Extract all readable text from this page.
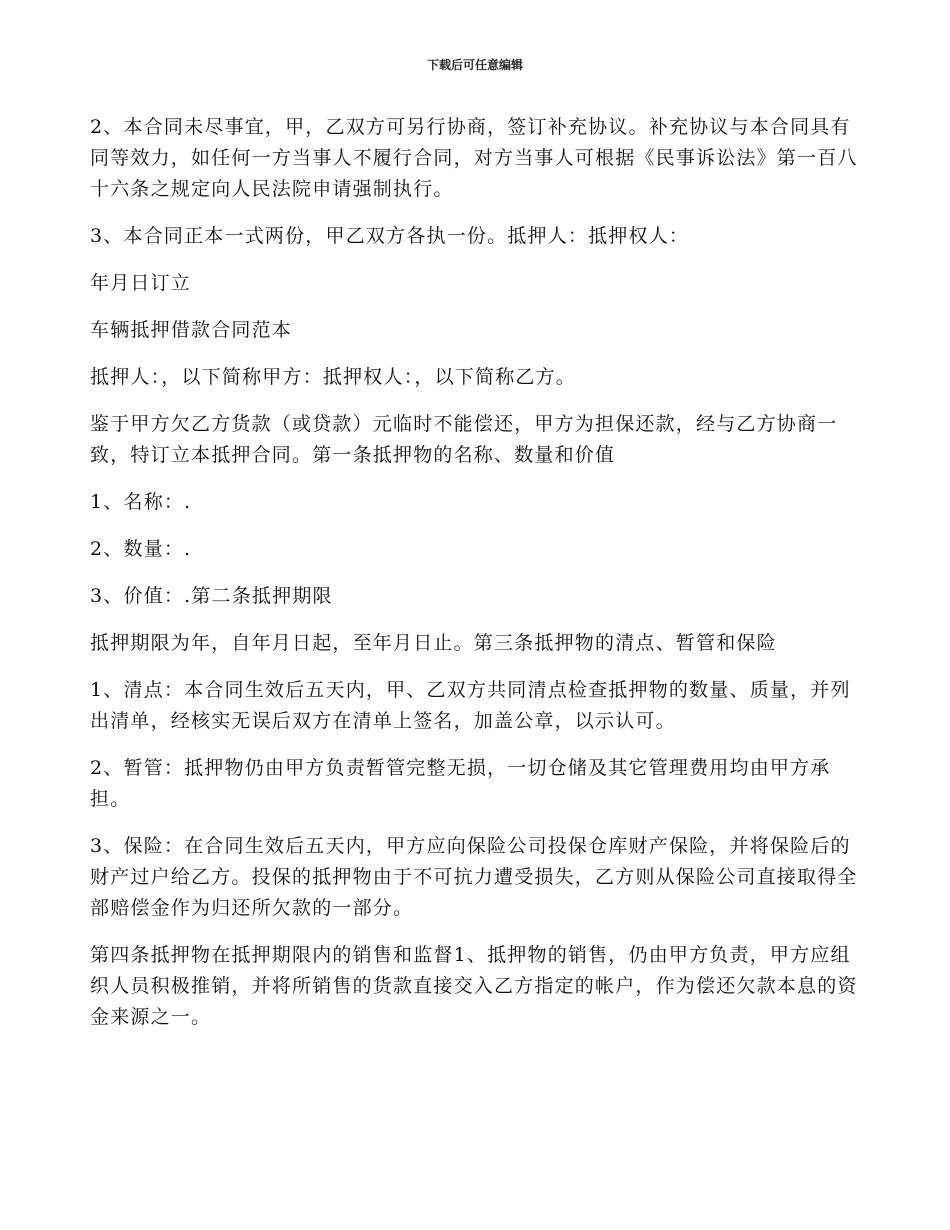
下载后可任意编辑

2、本合同未尽事宜，甲，乙双方可另行协商，签订补充协议。补充协议与本合同具有同等效力，如任何一方当事人不履行合同，对方当事人可根据《民事诉讼法》第一百八十六条之规定向人民法院申请强制执行。

3、本合同正本一式两份，甲乙双方各执一份。抵押人：抵押权人：

年月日订立

车辆抵押借款合同范本

抵押人：，以下简称甲方：抵押权人：，以下简称乙方。

鉴于甲方欠乙方货款（或贷款）元临时不能偿还，甲方为担保还款，经与乙方协商一致，特订立本抵押合同。第一条抵押物的名称、数量和价值

1、名称：.

2、数量：.

3、价值：.第二条抵押期限

抵押期限为年，自年月日起，至年月日止。第三条抵押物的清点、暂管和保险

1、清点：本合同生效后五天内，甲、乙双方共同清点检查抵押物的数量、质量，并列出清单，经核实无误后双方在清单上签名，加盖公章，以示认可。

2、暂管：抵押物仍由甲方负责暂管完整无损，一切仓储及其它管理费用均由甲方承担。

3、保险：在合同生效后五天内，甲方应向保险公司投保仓库财产保险，并将保险后的财产过户给乙方。投保的抵押物由于不可抗力遭受损失，乙方则从保险公司直接取得全部赔偿金作为归还所欠款的一部分。

第四条抵押物在抵押期限内的销售和监督1、抵押物的销售，仍由甲方负责，甲方应组织人员积极推销，并将所销售的货款直接交入乙方指定的帐户，作为偿还欠款本息的资金来源之一。
